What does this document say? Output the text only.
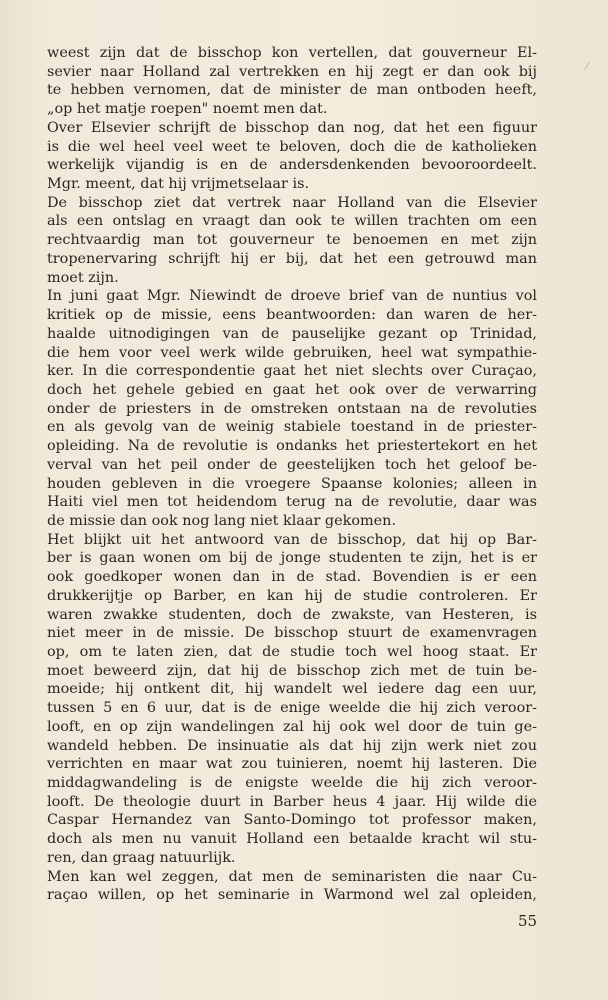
⁄
weest zijn dat de bisschop kon vertellen, dat gouverneur El-
sevier naar Holland zal vertrekken en hij zegt er dan ook bij
te hebben vernomen, dat de minister de man ontboden heeft,
„op het matje roepen" noemt men dat.
Over Elsevier schrijft de bisschop dan nog, dat het een figuur
is die wel heel veel weet te beloven, doch die de katholieken
werkelijk vijandig is en de andersdenkenden bevooroordeelt.
Mgr. meent, dat hij vrijmetselaar is.
De bisschop ziet dat vertrek naar Holland van die Elsevier
als een ontslag en vraagt dan ook te willen trachten om een
rechtvaardig man tot gouverneur te benoemen en met zijn
tropenervaring schrijft hij er bij, dat het een getrouwd man
moet zijn.
In juni gaat Mgr. Niewindt de droeve brief van de nuntius vol
kritiek op de missie, eens beantwoorden: dan waren de her-
haalde uitnodigingen van de pauselijke gezant op Trinidad,
die hem voor veel werk wilde gebruiken, heel wat sympathie-
ker. In die correspondentie gaat het niet slechts over Curaçao,
doch het gehele gebied en gaat het ook over de verwarring
onder de priesters in de omstreken ontstaan na de revoluties
en als gevolg van de weinig stabiele toestand in de priester-
opleiding. Na de revolutie is ondanks het priestertekort en het
verval van het peil onder de geestelijken toch het geloof be-
houden gebleven in die vroegere Spaanse kolonies; alleen in
Haiti viel men tot heidendom terug na de revolutie, daar was
de missie dan ook nog lang niet klaar gekomen.
Het blijkt uit het antwoord van de bisschop, dat hij op Bar-
ber is gaan wonen om bij de jonge studenten te zijn, het is er
ook goedkoper wonen dan in de stad. Bovendien is er een
drukkerijtje op Barber, en kan hij de studie controleren. Er
waren zwakke studenten, doch de zwakste, van Hesteren, is
niet meer in de missie. De bisschop stuurt de examenvragen
op, om te laten zien, dat de studie toch wel hoog staat. Er
moet beweerd zijn, dat hij de bisschop zich met de tuin be-
moeide; hij ontkent dit, hij wandelt wel iedere dag een uur,
tussen 5 en 6 uur, dat is de enige weelde die hij zich veroor-
looft, en op zijn wandelingen zal hij ook wel door de tuin ge-
wandeld hebben. De insinuatie als dat hij zijn werk niet zou
verrichten en maar wat zou tuinieren, noemt hij lasteren. Die
middagwandeling is de enigste weelde die hij zich veroor-
looft. De theologie duurt in Barber heus 4 jaar. Hij wilde die
Caspar Hernandez van Santo-Domingo tot professor maken,
doch als men nu vanuit Holland een betaalde kracht wil stu-
ren, dan graag natuurlijk.
Men kan wel zeggen, dat men de seminaristen die naar Cu-
raçao willen, op het seminarie in Warmond wel zal opleiden,
55
